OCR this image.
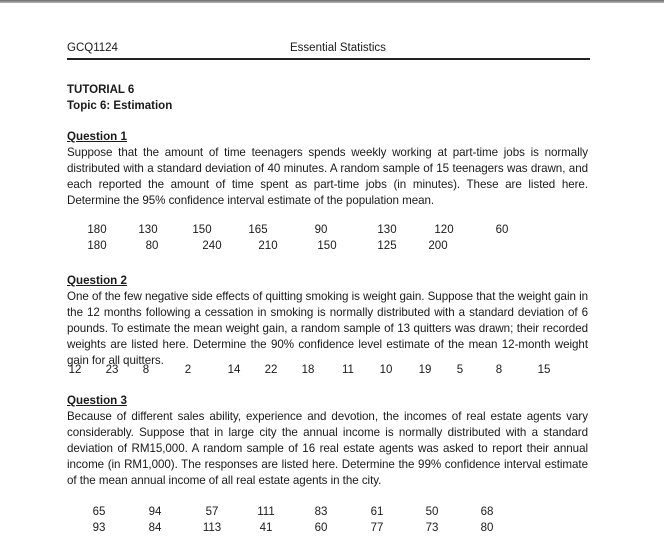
GCQ1124	Essential Statistics
TUTORIAL 6
Topic 6: Estimation
Question 1
Suppose that the amount of time teenagers spends weekly working at part-time jobs is normally distributed with a standard deviation of 40 minutes. A random sample of 15 teenagers was drawn, and each reported the amount of time spent as part-time jobs (in minutes). These are listed here. Determine the 95% confidence interval estimate of the population mean.
180	130	150	165	90	130	120	60
180	80	240	210	150	125	200
Question 2
One of the few negative side effects of quitting smoking is weight gain. Suppose that the weight gain in the 12 months following a cessation in smoking is normally distributed with a standard deviation of 6 pounds. To estimate the mean weight gain, a random sample of 13 quitters was drawn; their recorded weights are listed here. Determine the 90% confidence level estimate of the mean 12-month weight gain for all quitters.
12	23	8	2	14	22	18	11	10	19	5	8	15
Question 3
Because of different sales ability, experience and devotion, the incomes of real estate agents vary considerably. Suppose that in large city the annual income is normally distributed with a standard deviation of RM15,000. A random sample of 16 real estate agents was asked to report their annual income (in RM1,000). The responses are listed here. Determine the 99% confidence interval estimate of the mean annual income of all real estate agents in the city.
65	94	57	111	83	61	50	68
93	84	113	41	60	77	73	80
